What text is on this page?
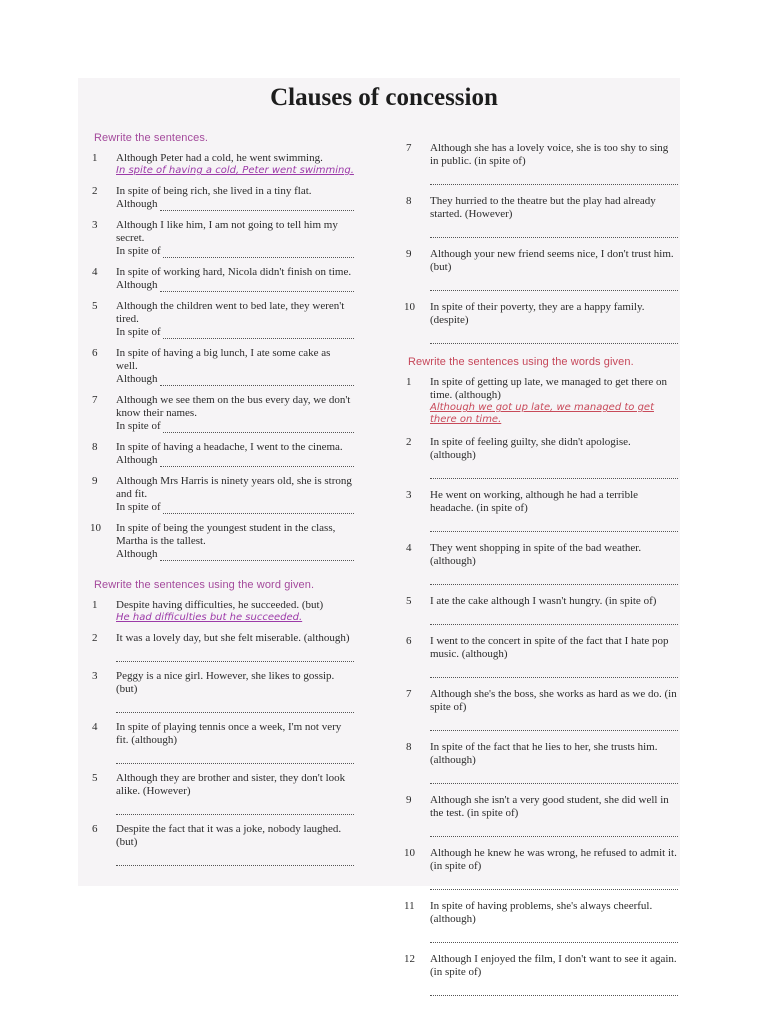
Clauses of concession

Rewrite the sentences.

1	Although Peter had a cold, he went swimming.
In spite of having a cold, Peter went swimming.
2	In spite of being rich, she lived in a tiny flat.
Although
3	Although I like him, I am not going to tell him my secret.
In spite of
4	In spite of working hard, Nicola didn't finish on time.
Although
5	Although the children went to bed late, they weren't tired.
In spite of
6	In spite of having a big lunch, I ate some cake as well.
Although
7	Although we see them on the bus every day, we don't know their names.
In spite of
8	In spite of having a headache, I went to the cinema.
Although
9	Although Mrs Harris is ninety years old, she is strong and fit.
In spite of
10	In spite of being the youngest student in the class, Martha is the tallest.
Although

Rewrite the sentences using the word given.

1	Despite having difficulties, he succeeded. (but)
He had difficulties but he succeeded.
2	It was a lovely day, but she felt miserable. (although)
3	Peggy is a nice girl. However, she likes to gossip. (but)
4	In spite of playing tennis once a week, I'm not very fit. (although)
5	Although they are brother and sister, they don't look alike. (However)
6	Despite the fact that it was a joke, nobody laughed. (but)
7	Although she has a lovely voice, she is too shy to sing in public. (in spite of)
8	They hurried to the theatre but the play had already started. (However)
9	Although your new friend seems nice, I don't trust him. (but)
10	In spite of their poverty, they are a happy family. (despite)

Rewrite the sentences using the words given.

1	In spite of getting up late, we managed to get there on time. (although)
Although we got up late, we managed to get there on time.
2	In spite of feeling guilty, she didn't apologise. (although)
3	He went on working, although he had a terrible headache. (in spite of)
4	They went shopping in spite of the bad weather. (although)
5	I ate the cake although I wasn't hungry. (in spite of)
6	I went to the concert in spite of the fact that I hate pop music. (although)
7	Although she's the boss, she works as hard as we do. (in spite of)
8	In spite of the fact that he lies to her, she trusts him. (although)
9	Although she isn't a very good student, she did well in the test. (in spite of)
10	Although he knew he was wrong, he refused to admit it. (in spite of)
11	In spite of having problems, she's always cheerful. (although)
12	Although I enjoyed the film, I don't want to see it again. (in spite of)
